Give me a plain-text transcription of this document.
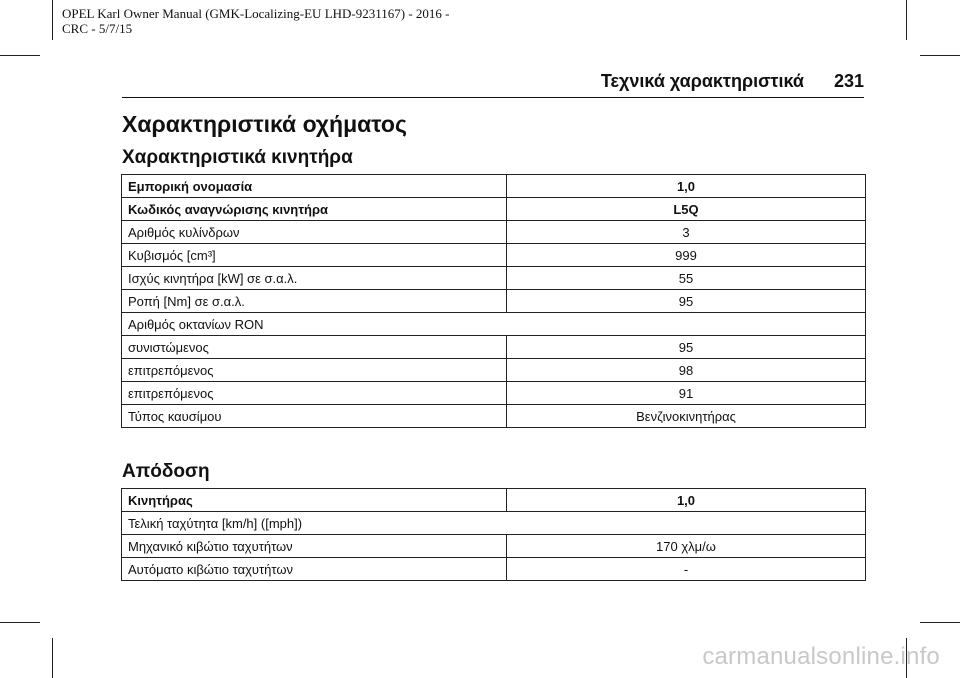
OPEL Karl Owner Manual (GMK-Localizing-EU LHD-9231167) - 2016 -
CRC - 5/7/15
Τεχνικά χαρακτηριστικά 231
Χαρακτηριστικά οχήματος
Χαρακτηριστικά κινητήρα
Εμπορική ονομασία	1,0
Κωδικός αναγνώρισης κινητήρα	L5Q
Αριθμός κυλίνδρων	3
Κυβισμός [cm³]	999
Ισχύς κινητήρα [kW] σε σ.α.λ.	55
Ροπή [Nm] σε σ.α.λ.	95
Αριθμός οκτανίων RON	
συνιστώμενος	95
επιτρεπόμενος	98
επιτρεπόμενος	91
Τύπος καυσίμου	Βενζινοκινητήρας
Απόδοση
Κινητήρας	1,0
Τελική ταχύτητα [km/h] ([mph])	
Μηχανικό κιβώτιο ταχυτήτων	170 χλμ/ω
Αυτόματο κιβώτιο ταχυτήτων	-
carmanualsonline.info
